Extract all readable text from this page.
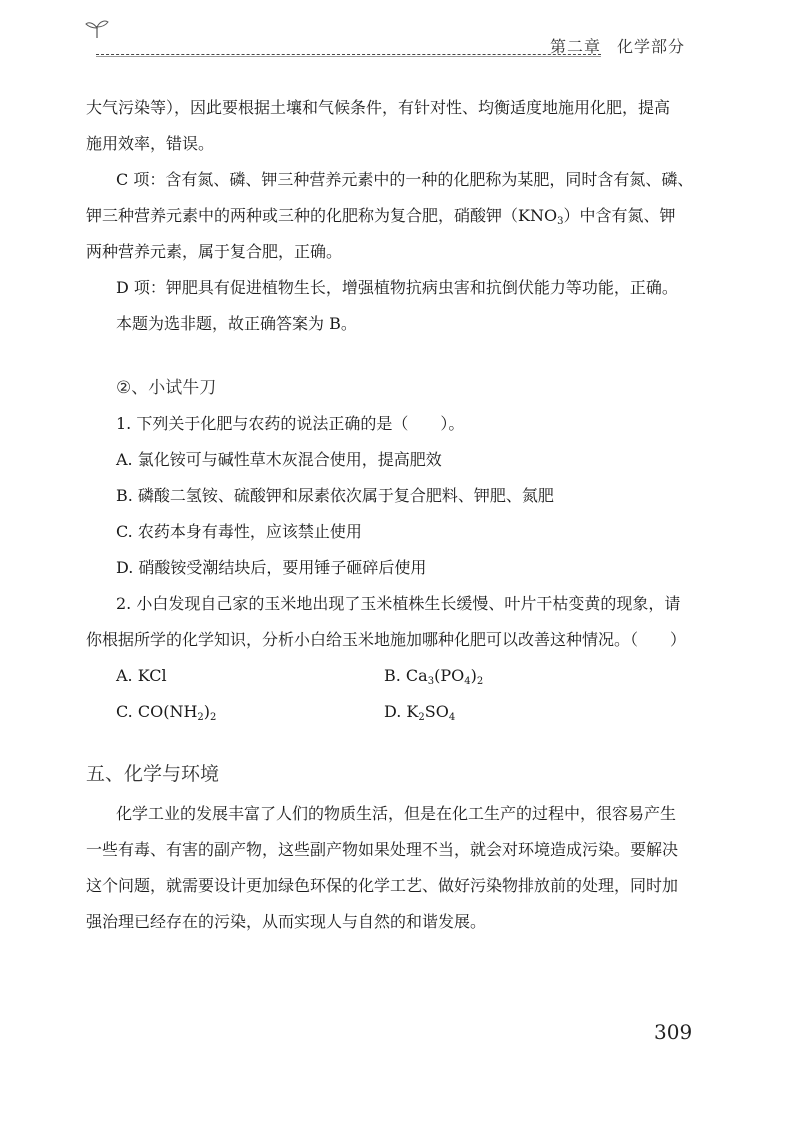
第二章 化学部分

大气污染等），因此要根据土壤和气候条件，有针对性、均衡适度地施用化肥，提高
施用效率，错误。

C 项：含有氮、磷、钾三种营养元素中的一种的化肥称为某肥，同时含有氮、磷、
钾三种营养元素中的两种或三种的化肥称为复合肥，硝酸钾$(KNO_3)$中含有氮、钾
两种营养元素，属于复合肥，正确。

D 项：钾肥具有促进植物生长，增强植物抗病虫害和抗倒伏能力等功能，正确。

本题为选非题，故正确答案为 B。

②、小试牛刀

1. 下列关于化肥与农药的说法正确的是（　　）。
A. 氯化铵可与碱性草木灰混合使用，提高肥效
B. 磷酸二氢铵、硫酸钾和尿素依次属于复合肥料、钾肥、氮肥
C. 农药本身有毒性，应该禁止使用
D. 硝酸铵受潮结块后，要用锤子砸碎后使用
2. 小白发现自己家的玉米地出现了玉米植株生长缓慢、叶片干枯变黄的现象，请
你根据所学的化学知识，分析小白给玉米地施加哪种化肥可以改善这种情况。（　　）
A. KCl	B. $Ca_3(PO_4)_2$
C. $CO(NH_2)_2$	D. $K_2SO_4$

五、化学与环境

化学工业的发展丰富了人们的物质生活，但是在化工生产的过程中，很容易产生
一些有毒、有害的副产物，这些副产物如果处理不当，就会对环境造成污染。要解决
这个问题，就需要设计更加绿色环保的化学工艺、做好污染物排放前的处理，同时加
强治理已经存在的污染，从而实现人与自然的和谐发展。

309
